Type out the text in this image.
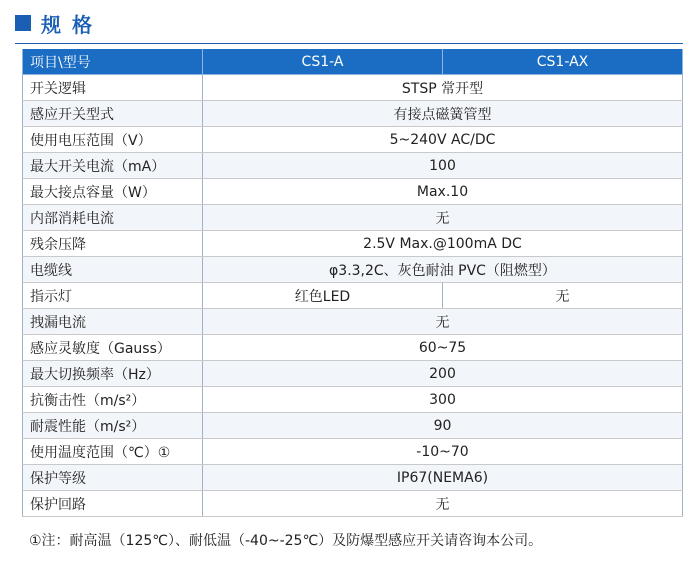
规 格
项目\型号	CS1-A	CS1-AX
开关逻辑	STSP 常开型	
感应开关型式	有接点磁簧管型	
使用电压范围（V）	5~240V AC/DC	
最大开关电流（mA）	100	
最大接点容量（W）	Max.10	
内部消耗电流	无	
残余压降	2.5V Max.@100mA DC	
电缆线	φ3.3,2C、灰色耐油 PVC（阻燃型）	
指示灯	红色LED	无
拽漏电流	无	
感应灵敏度（Gauss）	60~75	
最大切换频率（Hz）	200	
抗衡击性（m/s²）	300	
耐震性能（m/s²）	90	
使用温度范围（℃）①	-10~70	
保护等级	IP67(NEMA6)	
保护回路	无	
①注：耐高温（125℃）、耐低温（-40~-25℃）及防爆型感应开关请咨询本公司。
